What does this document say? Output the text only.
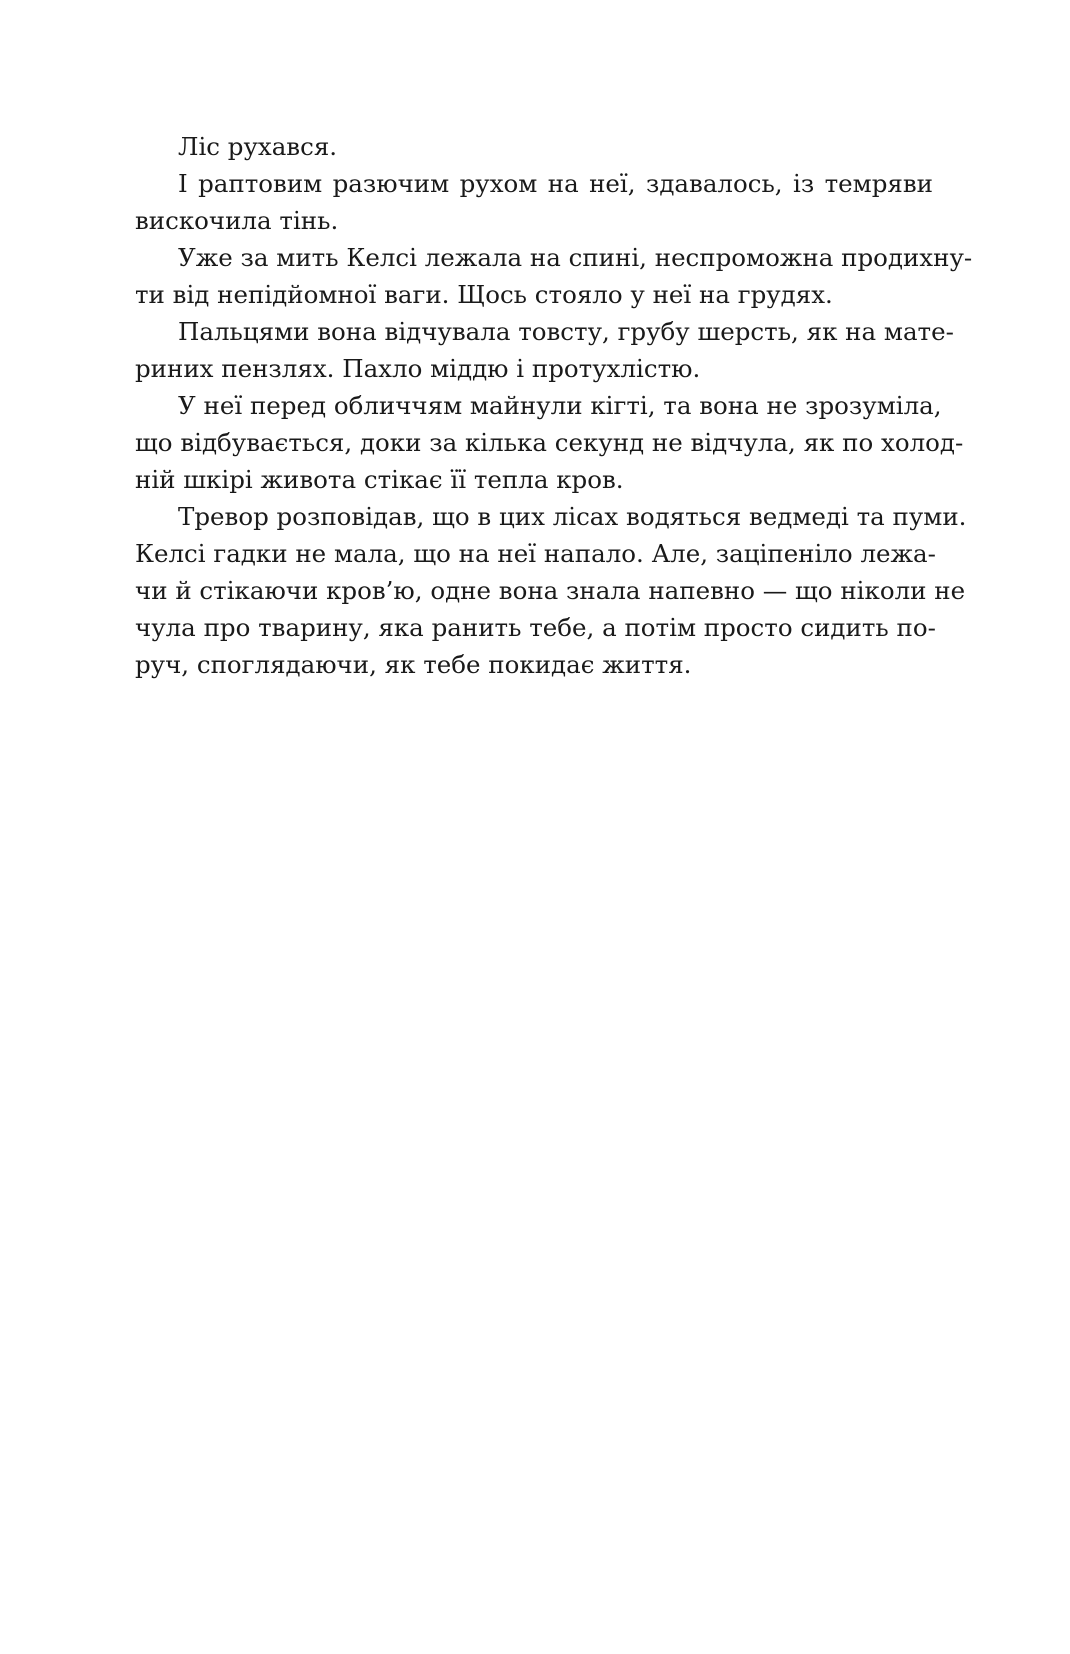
Ліс рухався.

І раптовим разючим рухом на неї, здавалось, із темряви
вискочила тінь.

Уже за мить Келсі лежала на спині, неспроможна продихну-
ти від непідйомної ваги. Щось стояло у неї на грудях.

Пальцями вона відчувала товсту, грубу шерсть, як на мате-
риних пензлях. Пахло міддю і протухлістю.

У неї перед обличчям майнули кігті, та вона не зрозуміла,
що відбувається, доки за кілька секунд не відчула, як по холод-
ній шкірі живота стікає її тепла кров.

Тревор розповідав, що в цих лісах водяться ведмеді та пуми.
Келсі гадки не мала, що на неї напало. Але, заціпеніло лежа-
чи й стікаючи кров’ю, одне вона знала напевно — що ніколи не
чула про тварину, яка ранить тебе, а потім просто сидить по-
руч, споглядаючи, як тебе покидає життя.
